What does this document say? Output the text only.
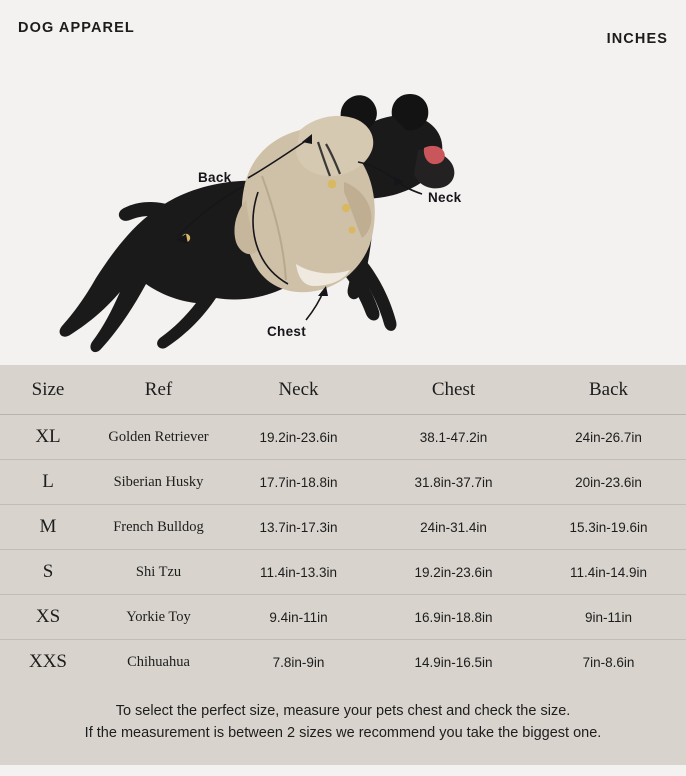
DOG APPAREL
INCHES
Back
Neck
Chest
Size	Ref	Neck	Chest	Back
XL	Golden Retriever	19.2in-23.6in	38.1-47.2in	24in-26.7in
L	Siberian Husky	17.7in-18.8in	31.8in-37.7in	20in-23.6in
M	French Bulldog	13.7in-17.3in	24in-31.4in	15.3in-19.6in
S	Shi Tzu	11.4in-13.3in	19.2in-23.6in	11.4in-14.9in
XS	Yorkie Toy	9.4in-11in	16.9in-18.8in	9in-11in
XXS	Chihuahua	7.8in-9in	14.9in-16.5in	7in-8.6in

To select the perfect size, measure your pets chest and check the size.

If the measurement is between 2 sizes we recommend you take the biggest one.
